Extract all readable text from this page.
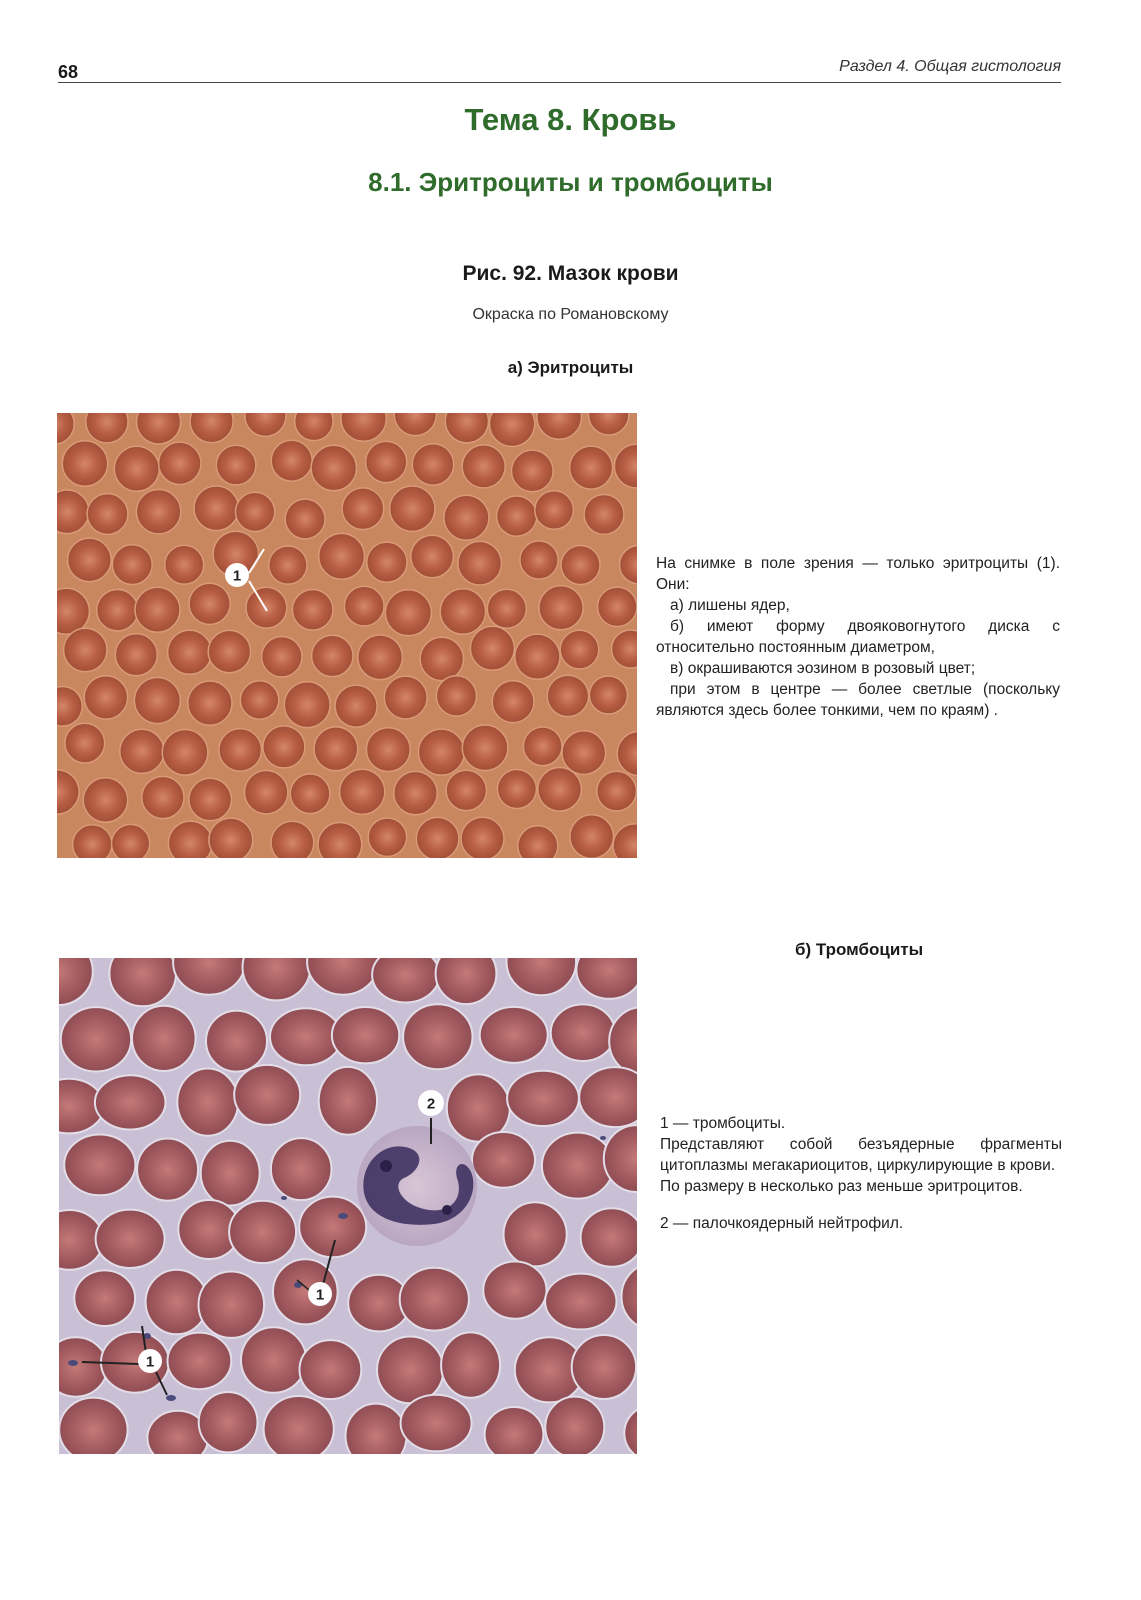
68	Раздел 4. Общая гистология
Тема 8. Кровь
8.1. Эритроциты и тромбоциты
Рис. 92. Мазок крови
Окраска по Романовскому
а) Эритроциты
1

На снимке в поле зрения — только эритроциты (1). Они:

а) лишены ядер,

б) имеют форму двояковогнутого диска с относительно постоянным диаметром,

в) окрашиваются эозином в розовый цвет;

при этом в центре — более светлые (поскольку являются здесь более тонкими, чем по краям) .

б) Тромбоциты
2
1
1

1 — тромбоциты.

Представляют собой безъядерные фрагменты цитоплазмы мегакариоцитов, циркулирующие в крови.

По размеру в несколько раз меньше эритроцитов.

2 — палочкоядерный нейтрофил.
